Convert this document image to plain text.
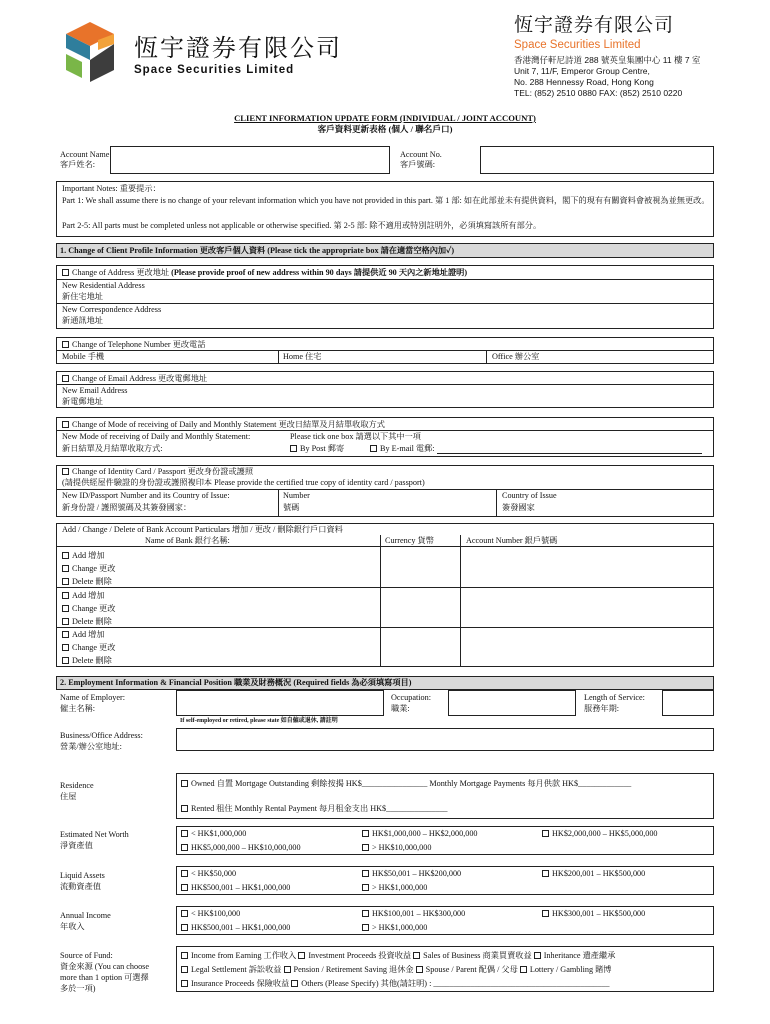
恆宇證券有限公司
Space Securities Limited
恆宇證券有限公司
Space Securities Limited
香港灣仔軒尼詩道 288 號英皇集團中心 11 樓 7 室
Unit 7, 11/F, Emperor Group Centre,
No. 288 Hennessy Road, Hong Kong
TEL: (852) 2510 0880 FAX: (852) 2510 0220
CLIENT INFORMATION UPDATE FORM (INDIVIDUAL / JOINT ACCOUNT)
客戶資料更新表格 (個人 / 聯名戶口)
Account Name
客戶姓名:
Account No.
客戶號碼:
Important Notes: 重要提示：
Part 1: We shall assume there is no change of your relevant information which you have not provided in this part. 第 1 部: 如在此部並未有提供資料，閣下的現有有關資料會被視為並無更改。
Part 2-5: All parts must be completed unless not applicable or otherwise specified. 第 2-5 部: 除不適用或特別註明外，必須填寫該所有部分。
1. Change of Client Profile Information 更改客戶個人資料 (Please tick the appropriate box 請在適當空格內加✓)
Change of Address 更改地址 (Please provide proof of new address within 90 days 請提供近 90 天內之新地址證明)
New Residential Address
新住宅地址
New Correspondence Address
新通訊地址
Change of Telephone Number 更改電話
Mobile 手機	Home 住宅	Office 辦公室
Change of Email Address 更改電郵地址
New Email Address
新電郵地址
Change of Mode of receiving of Daily and Monthly Statement 更改日結單及月結單收取方式
New Mode of receiving of Daily and Monthly Statement:
新日結單及月結單收取方式:
Please tick one box 請選以下其中一項
By Post 郵寄	By E-mail 電郵:
Change of Identity Card / Passport 更改身份證或護照
(請提供經屋件驗證的身份證或護照複印本 Please provide the certified true copy of identity card / passport)
New ID/Passport Number and its Country of Issue:
新身份證 / 護照號碼及其簽發國家：
Number
號碼
Country of Issue
簽發國家
Add / Change / Delete of Bank Account Particulars 增加 / 更改 / 刪除銀行戶口資料
Name of Bank 銀行名稱:	Currency 貨幣	Account Number 銀戶號碼
Add 增加
Change 更改
Delete 刪除
Add 增加
Change 更改
Delete 刪除
Add 增加
Change 更改
Delete 刪除
2. Employment Information & Financial Position 職業及財務概況 (Required fields 為必須填寫項目)
Name of Employer:
僱主名稱:
Occupation:
職業:
Length of Service:
服務年期:
If self-employed or retired, please state 如自僱或退休, 請註明
Business/Office Address:
營業/辦公室地址:
Residence
住屋
Owned 自置 Mortgage Outstanding 剩餘按揭 HK$________________ Monthly Mortgage Payments 每月供款 HK$_____________
Rented 租住 Monthly Rental Payment 每月租金支出 HK$_______________
Estimated Net Worth
淨資產值
< HK$1,000,000	HK$1,000,000 – HK$2,000,000	HK$2,000,000 – HK$5,000,000
HK$5,000,000 – HK$10,000,000	> HK$10,000,000
Liquid Assets
流動資產值
< HK$50,000	HK$50,001 – HK$200,000	HK$200,001 – HK$500,000
HK$500,001 – HK$1,000,000	> HK$1,000,000
Annual Income
年收入
< HK$100,000	HK$100,001 – HK$300,000	HK$300,001 – HK$500,000
HK$500,001 – HK$1,000,000	> HK$1,000,000
Source of Fund:
資金來源 (You can choose
more than 1 option 可選擇
多於一項)
Income from Earning 工作收入 Investment Proceeds 投資收益 Sales of Business 商業買賣收益 Inheritance 遺產繼承
Legal Settlement 訴訟收益 Pension / Retirement Saving 退休金 Spouse / Parent 配偶 / 父母 Lottery / Gambling 賭博
Insurance Proceeds 保險收益 Others (Please Specify) 其他(請註明) : ___________________________________________
